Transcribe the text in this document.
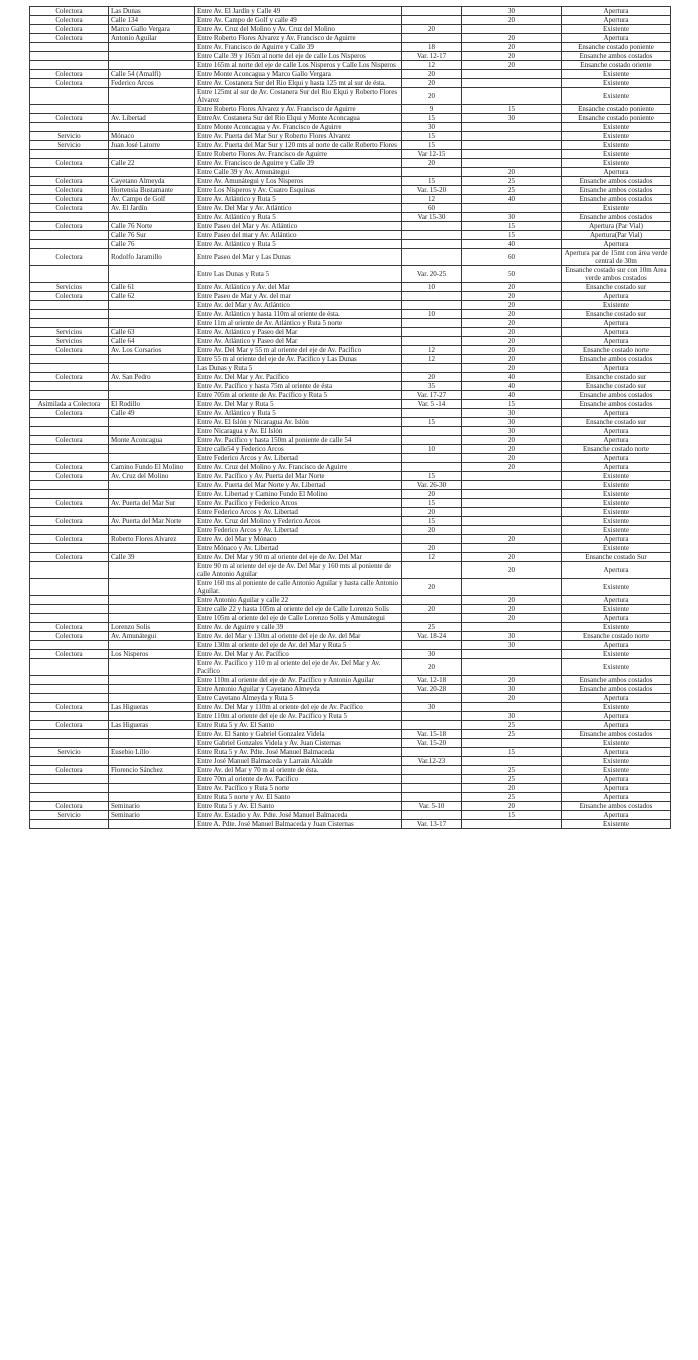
Colectora	Las Dunas	Entre Av. El Jardín y Calle 49		30	Apertura
Colectora	Calle 134	Entre Av. Campo de Golf y calle 49		20	Apertura
Colectora	Marco Gallo Vergara	Entre Av. Cruz del Molino y Av. Cruz del Molino	20		Existente
Colectora	Antonio Aguilar	Entre Roberto Flores Alvarez y Av. Francisco de Aguirre		20	Apertura
		Entre Av. Francisco de Aguirre y Calle 39	18	20	Ensanche costado poniente
		Entre Calle 39 y 165m al norte del eje de calle Los Nisperos	Var. 12-17	20	Ensanche ambos costados
		Entre 165m al norte del eje de calle Los Nisperos y Calle Los Nisperos	12	20	Ensanche costado oriente
Colectora	Calle 54 (Amalfi)	Entre Monte Aconcagua y Marco Gallo Vergara	20		Existente
Colectora	Federico Arcos	Entre Av. Costanera Sur del Rio Elqui y hasta 125 mt al sur de ésta.	20		Existente
		Entre 125mt al sur de Av. Costanera Sur del Rio Elqui y Roberto Flores Álvarez	20		Existente
		Entre Roberto Flores Alvarez y Av. Francisco de Aguirre	9	15	Ensanche costado poniente
Colectora	Av. Libertad	EntreAv. Costanera Sur del Rio Elqui y Monte Aconcagua	15	30	Ensanche costado poniente
		Entre Monte Aconcagua y Av. Francisco de Aguirre	30		Existente
Servicio	Mónaco	Entre Av. Puerta del Mar Sur y Roberto Flores Álvarez	15		Existente
Servicio	Juan José Latorre	Entre Av. Puerta del Mar Sur y 120 mts al norte de calle Roberto Flores	15		Existente
		Entre Roberto Flores Av. Francisco de Aguirre	Var 12-15		Existente
Colectora	Calle 22	Entre Av. Francisco de Aguirre y Calle 39	20		Existente
		Entre Calle 39 y Av. Amunátegui		20	Apertura
Colectora	Cayetano Almeyda	Entre Av. Amunátegui y Los Nisperos	15	25	Ensanche ambos costados
Colectora	Hortensia Bustamante	Entre Los Nisperos y Av. Cuatro Esquinas	Var. 15-20	25	Ensanche ambos costados
Colectora	Av. Campo de Golf	Entre Av. Atlántico y Ruta 5	12	40	Ensanche ambos costados
Colectora	Av. El Jardín	Entre Av. Del Mar y Av. Atlántico	60		Existente
		Entre Av. Atlántico y Ruta 5	Var 15-30	30	Ensanche ambos costados
Colectora	Calle 76 Norte	Entre Paseo del Mar y Av. Atlántico		15	Apertura (Par Vial)
	Calle 76 Sur	Entre Paseo del mar y Av. Atlántico		15	Apertura(Par Vial)
	Calle 76	Entre Av. Atlántico y Ruta 5		40	Apertura
Colectora	Rodolfo Jaramillo	Entre Paseo del Mar y Las Dunas		60	Apertura par de 15mt con área verde central de 30m
		Entre Las Dunas y Ruta 5	Var. 20-25	50	Ensanche costado sur con 10m Area verde ambos costados
Servicios	Calle 61	Entre Av. Atlántico y Av. del Mar	10	20	Ensanche costado sur
Colectora	Calle 62	Entre Paseo de Mar y Av. del mar		20	Apertura
		Entre Av. del Mar y Av. Atlántico		20	Existente
		Entre Av. Atlántico y hasta 110m al oriente de ésta.	10	20	Ensanche costado sur
		Entre 11m al oriente de Av. Atlántico y Ruta 5 norte		20	Apertura
Servicios	Calle 63	Entre Av. Atlántico y Paseo del Mar		20	Apertura
Servicios	Calle 64	Entre Av. Atlántico y Paseo del Mar		20	Apertura
Colectora	Av. Los Corsarios	Entre Av. Del Mar y 55 m al oriente del eje de Av. Pacífico	12	20	Ensanche costado norte
		Entre 55 m al oriente del eje de Av. Pacífico y Las Dunas	12	20	Ensanche ambos costados
		Las Dunas y Ruta 5		20	Apertura
Colectora	Av. San Pedro	Entre Av. Del Mar y Av. Pacífico	20	40	Ensanche costado sur
		Entre Av. Pacífico y hasta 75m al oriente de ésta	35	40	Ensanche costado sur
		Entre 705m al oriente de Av. Pacífico y Ruta 5	Var. 17-27	40	Ensanche ambos costados
Asimilada a Colectora	El Rodillo	Entre Av. Del Mar y Ruta 5	Var. 5 -14	15	Ensanche ambos costados
Colectora	Calle 49	Entre Av. Atlántico y Ruta 5		30	Apertura
		Entre Av. El Islón y Nicaragua Av. Islón	15	30	Ensanche costado sur
		Entre Nicaragua y Av. El Islón		30	Apertura
Colectora	Monte Aconcagua	Entre Av. Pacífico y hasta 150m al poniente de calle 54		20	Apertura
		Entre calle54 y Federico Arcos	10	20	Ensanche costado norte
		Entre Federico Arcos y Av. Libertad		20	Apertura
Colectora	Camino Fundo El Molino	Entre Av. Cruz del Molino y Av. Francisco de Aguirre		20	Apertura
Colectora	Av. Cruz del Molino	Entre Av. Pacífico y Av. Puerta del Mar Norte	15		Existente
		Entre Av. Puerta del Mar Norte y Av. Libertad	Var. 26-30		Existente
		Entre Av. Libertad y Camino Fundo El Molino	20		Existente
Colectora	Av. Puerta del Mar Sur	Entre Av. Pacífico y Federico Arcos	15		Existente
		Entre Federico Arcos y Av. Libertad	20		Existente
Colectora	Av. Puerta del Mar Norte	Entre Av. Cruz del Molino y Federico Arcos	15		Existente
		Entre Federico Arcos y Av. Libertad	20		Existente
Colectora	Roberto Flores Alvarez	Entre Av. del Mar y Mónaco		20	Apertura
		Entre Mónaco y Av. Libertad	20		Existente
Colectora	Calle 39	Entre Av. Del Mar y 90 m al oriente del eje de Av. Del Mar	12	20	Ensanche costado Sur
		Entre 90 m al oriente del eje de Av. Del Mar y 160 mts al poniente de calle Antonio Aguilar		20	Apertura
		Entre 160 ms al poniente de calle Antonio Aguilar y hasta calle Antonio Aguilar.	20		Existente
		Entre Antonio Aguilar y calle 22		20	Apertura
		Entre calle 22 y hasta 105m al oriente del eje de Calle Lorenzo Solís	20	20	Existente
		Entre 105m al oriente del eje de Calle Lorenzo Solís y Amunátegui		20	Apertura
Colectora	Lorenzo Solis	Entre Av. de Aguirre y calle 39	25		Existente
Colectora	Av. Amunátegui	Entre Av. del Mar y 130m al oriente del eje de Av. del Mar	Var. 18-24	30	Ensanche costado norte
		Entre 130m al oriente del eje de Av. del Mar y Ruta 5		30	Apertura
Colectora	Los Nisperos	Entre Av. Del Mar y Av. Pacífico	30		Existente
		Entre Av. Pacífico y 110 m al oriente del eje de Av. Del Mar y Av. Pacífico	20		Existente
		Entre 110m al oriente del eje de Av. Pacífico y Antonio Aguilar	Var. 12-18	20	Ensanche ambos costados
		Entre Antonio Aguilar y Cayetano Almeyda	Var. 20-28	30	Ensanche ambos costados
		Entre Cayetano Almeyda y Ruta 5		20	Apertura
Colectora	Las Higueras	Entre Av. Del Mar y 110m al oriente del eje de Av. Pacífico	30		Existente
		Entre 110m al oriente del eje de Av. Pacífico y Ruta 5		30	Apertura
Colectora	Las Higueras	Entre Ruta 5 y Av. El Santo		25	Apertura
		Entre Av. El Santo y Gabriel Gonzalez Videla	Var. 15-18	25	Ensanche ambos costados
		Entre Gabriel Gonzales Videla y Av. Juan Cisternas	Var. 15-20		Existente
Servicio	Eusebio Lillo	Entre Ruta 5 y Av. Pdte. José Manuel Balmaceda		15	Apertura
		Entre José Manuel Balmaceda y Larrain Alcalde	Var.12-23		Existente
Colectora	Florencio Sánchez	Entre Av. del Mar y 70 m al oriente de ésta.		25	Existente
		Entre 70m al oriente de Av. Pacífico		25	Apertura
		Entre Av. Pacífico y Ruta 5 norte		20	Apertura
		Entre Ruta 5 norte y Av. El Santo		25	Apertura
Colectora	Seminario	Entre Ruta 5 y Av. El Santo	Var. 5-10	20	Ensanche ambos costados
Servicio	Seminario	Entre Av. Estadio y Av. Pdte. José Manuel Balmaceda		15	Apertura
		Entre A. Pdte. José Manuel Balmaceda y Juan Cisternas	Var. 13-17		Existente
